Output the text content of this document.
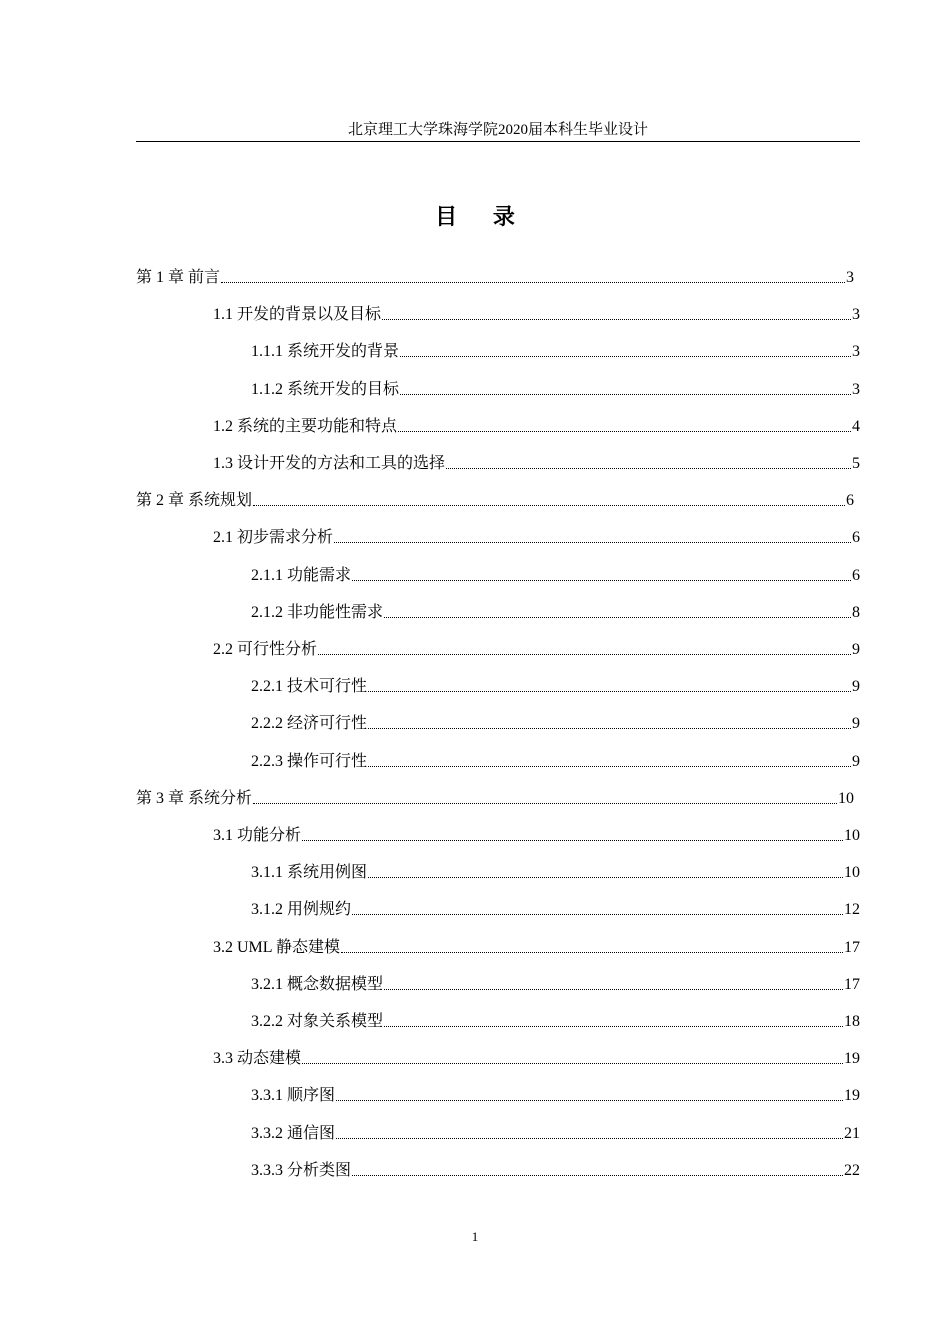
北京理工大学珠海学院2020届本科生毕业设计
目 录
第 1 章 前言	3
1.1 开发的背景以及目标	3
1.1.1 系统开发的背景	3
1.1.2 系统开发的目标	3
1.2 系统的主要功能和特点	4
1.3 设计开发的方法和工具的选择	5
第 2 章 系统规划	6
2.1 初步需求分析	6
2.1.1 功能需求	6
2.1.2 非功能性需求	8
2.2 可行性分析	9
2.2.1 技术可行性	9
2.2.2 经济可行性	9
2.2.3 操作可行性	9
第 3 章 系统分析	10
3.1 功能分析	10
3.1.1 系统用例图	10
3.1.2 用例规约	12
3.2 UML 静态建模	17
3.2.1 概念数据模型	17
3.2.2 对象关系模型	18
3.3 动态建模	19
3.3.1 顺序图	19
3.3.2 通信图	21
3.3.3 分析类图	22
1
